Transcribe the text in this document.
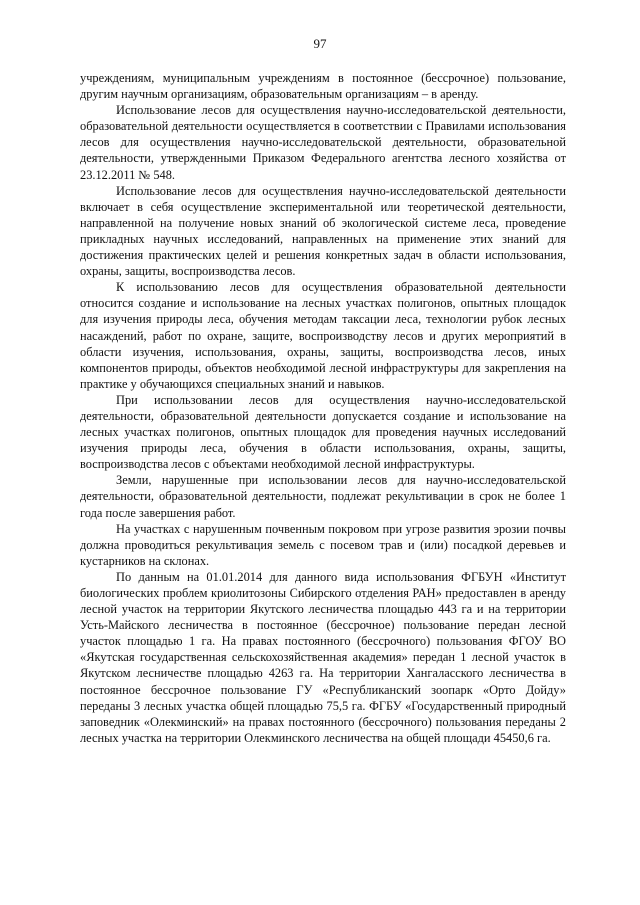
97

учреждениям, муниципальным учреждениям в постоянное (бессрочное) пользование, другим научным организациям, образовательным организациям – в аренду.

Использование лесов для осуществления научно-исследовательской деятельности, образовательной деятельности осуществляется в соответствии с Правилами использования лесов для осуществления научно-исследовательской деятельности, образовательной деятельности, утвержденными Приказом Федерального агентства лесного хозяйства от 23.12.2011 № 548.

Использование лесов для осуществления научно-исследовательской деятельности включает в себя осуществление экспериментальной или теоретической деятельности, направленной на получение новых знаний об экологической системе леса, проведение прикладных научных исследований, направленных на применение этих знаний для достижения практических целей и решения конкретных задач в области использования, охраны, защиты, воспроизводства лесов.

К использованию лесов для осуществления образовательной деятельности относится создание и использование на лесных участках полигонов, опытных площадок для изучения природы леса, обучения методам таксации леса, технологии рубок лесных насаждений, работ по охране, защите, воспроизводству лесов и других мероприятий в области изучения, использования, охраны, защиты, воспроизводства лесов, иных компонентов природы, объектов необходимой лесной инфраструктуры для закрепления на практике у обучающихся специальных знаний и навыков.

При использовании лесов для осуществления научно-исследовательской деятельности, образовательной деятельности допускается создание и использование на лесных участках полигонов, опытных площадок для проведения научных исследований изучения природы леса, обучения в области использования, охраны, защиты, воспроизводства лесов с объектами необходимой лесной инфраструктуры.

Земли, нарушенные при использовании лесов для научно-исследовательской деятельности, образовательной деятельности, подлежат рекультивации в срок не более 1 года после завершения работ.

На участках с нарушенным почвенным покровом при угрозе развития эрозии почвы должна проводиться рекультивация земель с посевом трав и (или) посадкой деревьев и кустарников на склонах.

По данным на 01.01.2014 для данного вида использования ФГБУН «Институт биологических проблем криолитозоны Сибирского отделения РАН» предоставлен в аренду лесной участок на территории Якутского лесничества площадью 443 га и на территории Усть-Майского лесничества в постоянное (бессрочное) пользование передан лесной участок площадью 1 га. На правах постоянного (бессрочного) пользования ФГОУ ВО «Якутская государственная сельскохозяйственная академия» передан 1 лесной участок в Якутском лесничестве площадью 4263 га. На территории Хангаласского лесничества в постоянное бессрочное пользование ГУ «Республиканский зоопарк «Орто Дойду» переданы 3 лесных участка общей площадью 75,5 га. ФГБУ «Государственный природный заповедник «Олекминский» на правах постоянного (бессрочного) пользования переданы 2 лесных участка на территории Олекминского лесничества на общей площади 45450,6 га.
